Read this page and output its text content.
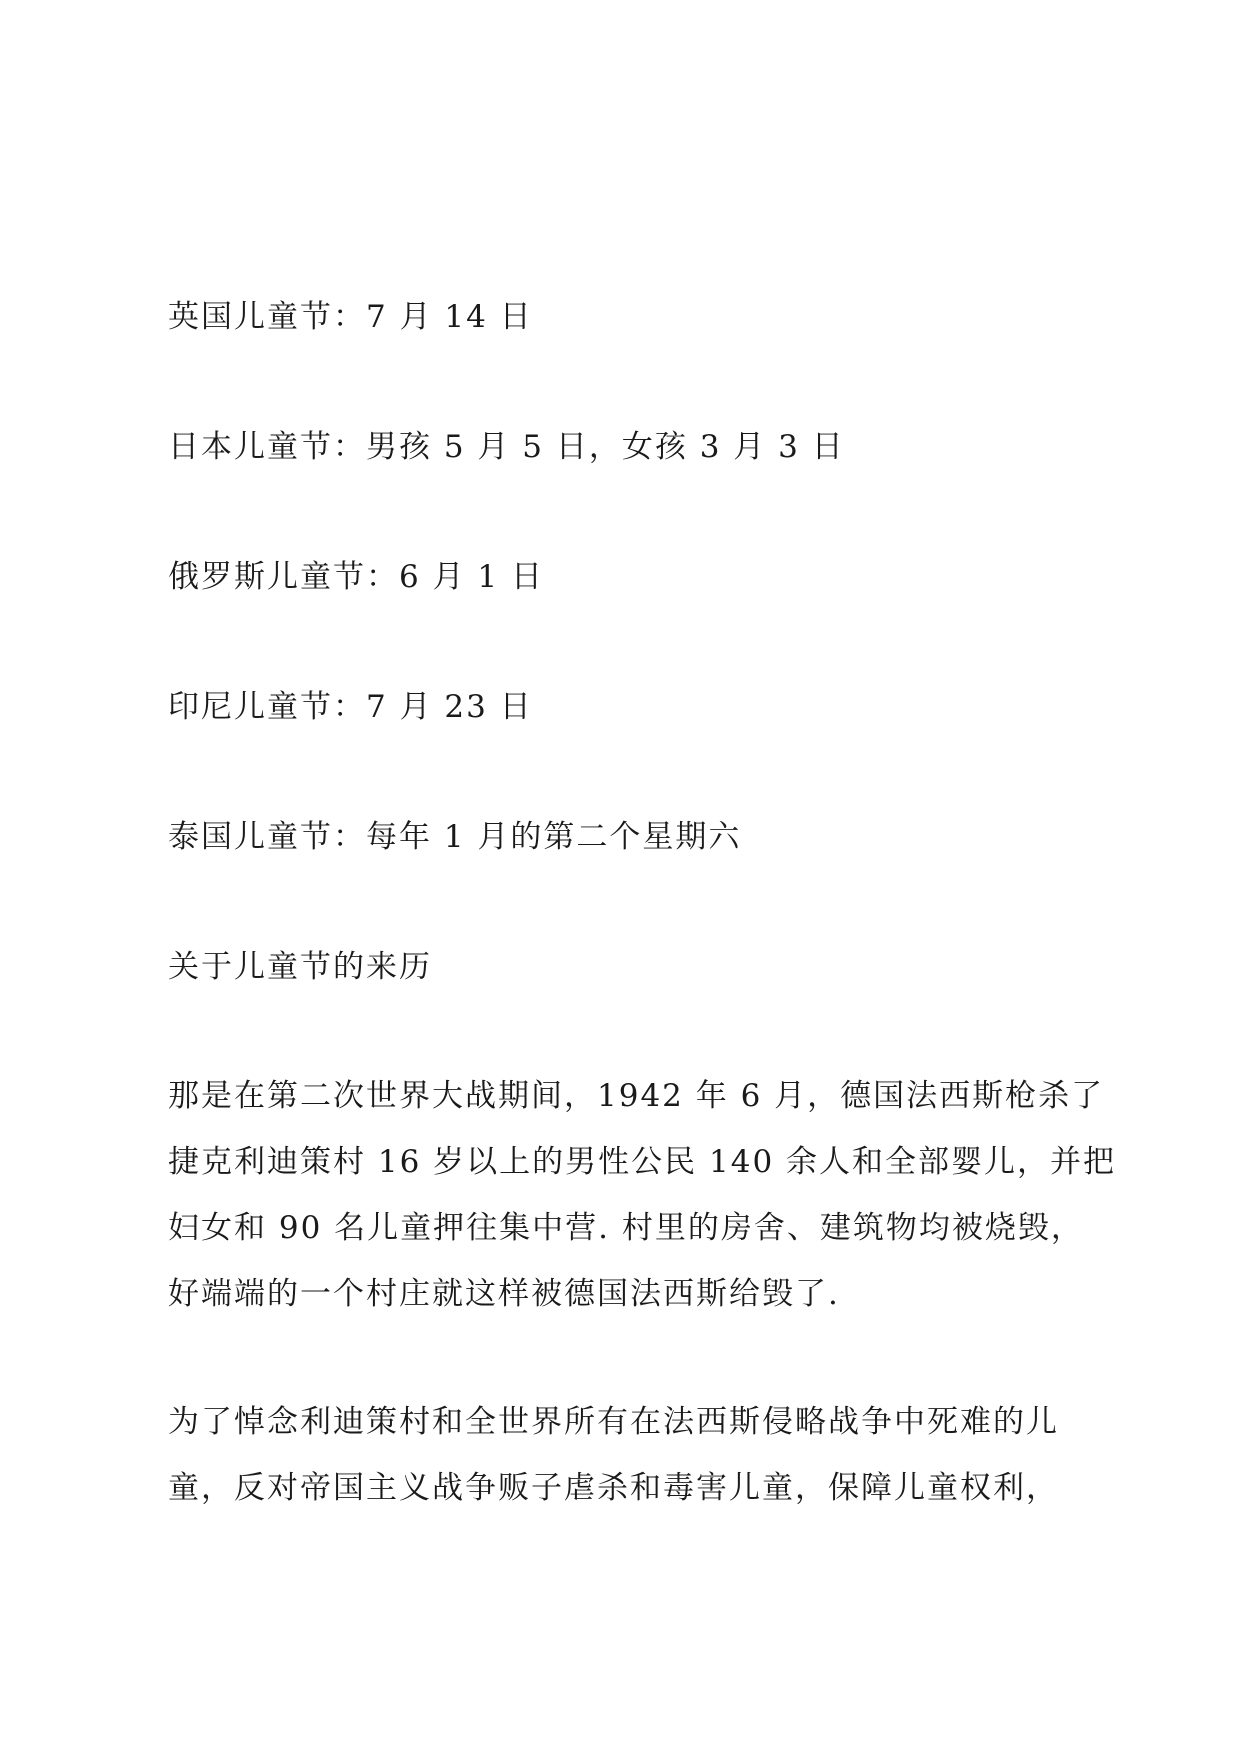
英国儿童节：7 月 14 日
日本儿童节：男孩 5 月 5 日，女孩 3 月 3 日
俄罗斯儿童节：6 月 1 日
印尼儿童节：7 月 23 日
泰国儿童节：每年 1 月的第二个星期六
关于儿童节的来历
那是在第二次世界大战期间，1942 年 6 月，德国法西斯枪杀了
捷克利迪策村 16 岁以上的男性公民 140 余人和全部婴儿，并把
妇女和 90 名儿童押往集中营. 村里的房舍、建筑物均被烧毁，
好端端的一个村庄就这样被德国法西斯给毁了.
为了悼念利迪策村和全世界所有在法西斯侵略战争中死难的儿
童，反对帝国主义战争贩子虐杀和毒害儿童，保障儿童权利，
